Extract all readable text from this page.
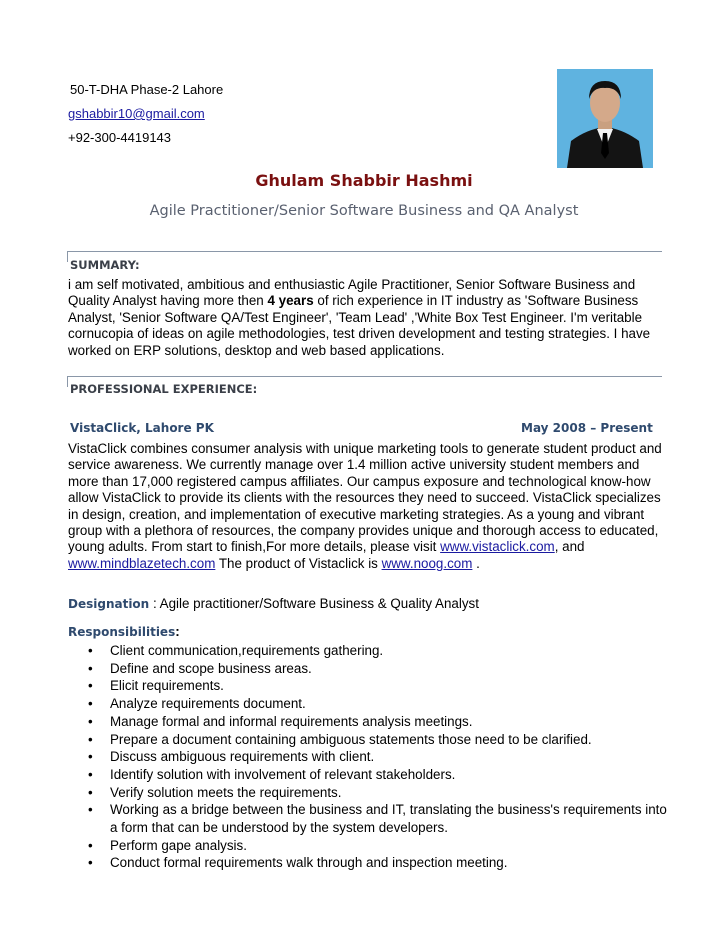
50-T-DHA Phase-2 Lahore
gshabbir10@gmail.com
+92-300-4419143
Ghulam Shabbir Hashmi
Agile Practitioner/Senior Software Business and QA Analyst
SUMMARY:
i am self motivated, ambitious and enthusiastic Agile Practitioner, Senior Software Business and Quality Analyst having more then 4 years of rich experience in IT industry as 'Software Business Analyst, 'Senior Software QA/Test Engineer', 'Team Lead' ,'White Box Test Engineer. I'm veritable cornucopia of ideas on agile methodologies, test driven development and testing strategies. I have worked on ERP solutions, desktop and web based applications.
PROFESSIONAL EXPERIENCE:
VistaClick, Lahore PK	May 2008 – Present
VistaClick combines consumer analysis with unique marketing tools to generate student product and service awareness. We currently manage over 1.4 million active university student members and more than 17,000 registered campus affiliates. Our campus exposure and technological know-how allow VistaClick to provide its clients with the resources they need to succeed. VistaClick specializes in design, creation, and implementation of executive marketing strategies. As a young and vibrant group with a plethora of resources, the company provides unique and thorough access to educated, young adults. From start to finish,For more details, please visit www.vistaclick.com, and www.mindblazetech.com The product of Vistaclick is www.noog.com .
Designation : Agile practitioner/Software Business & Quality Analyst
Responsibilities:
• Client communication,requirements gathering.
• Define and scope business areas.
• Elicit requirements.
• Analyze requirements document.
• Manage formal and informal requirements analysis meetings.
• Prepare a document containing ambiguous statements those need to be clarified.
• Discuss ambiguous requirements with client.
• Identify solution with involvement of relevant stakeholders.
• Verify solution meets the requirements.
• Working as a bridge between the business and IT, translating the business's requirements into a form that can be understood by the system developers.
• Perform gape analysis.
• Conduct formal requirements walk through and inspection meeting.
